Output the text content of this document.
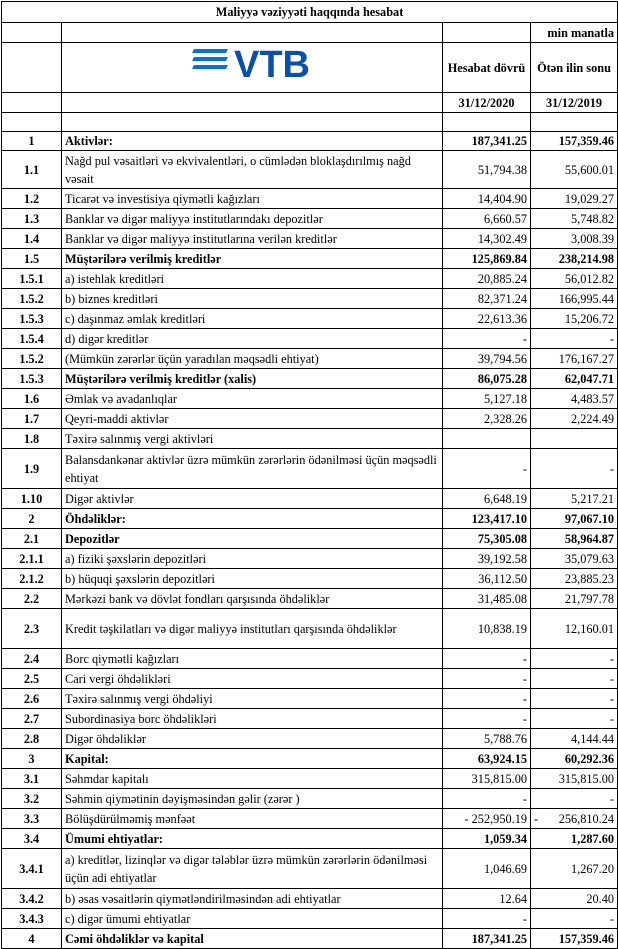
Maliyyə vəziyyəti haqqında hesabat			
			min manatla

VTB	Hesabat dövrü	Ötən ilin sonu
		31/12/2020	31/12/2019

1	Aktivlər:	187,341.25	157,359.46
1.1	Nağd pul vəsaitləri və ekvivalentləri, o cümlədən bloklaşdırılmış nağd vəsait	51,794.38	55,600.01
1.2	Ticarət və investisiya qiymətli kağızları	14,404.90	19,029.27
1.3	Banklar və digər maliyyə institutlarındakı depozitlər	6,660.57	5,748.82
1.4	Banklar və digər maliyyə institutlarına verilən kreditlər	14,302.49	3,008.39
1.5	Müştərilərə verilmiş kreditlər	125,869.84	238,214.98
1.5.1	a) istehlak kreditləri	20,885.24	56,012.82
1.5.2	b) biznes kreditləri	82,371.24	166,995.44
1.5.3	c) daşınmaz əmlak kreditləri	22,613.36	15,206.72
1.5.4	d) digər kreditlər	-	-
1.5.2	(Mümkün zərərlər üçün yaradılan məqsədli ehtiyat)	39,794.56	176,167.27
1.5.3	Müştərilərə verilmiş kreditlər (xalis)	86,075.28	62,047.71
1.6	Əmlak və avadanlıqlar	5,127.18	4,483.57
1.7	Qeyri-maddi aktivlər	2,328.26	2,224.49
1.8	Təxirə salınmış vergi aktivləri		
1.9	Balansdankənar aktivlər üzrə mümkün zərərlərin ödənilməsi üçün məqsədli ehtiyat	-	-
1.10	Digər aktivlər	6,648.19	5,217.21
2	Öhdəliklər:	123,417.10	97,067.10
2.1	Depozitlər	75,305.08	58,964.87
2.1.1	a) fiziki şəxslərin depozitləri	39,192.58	35,079.63
2.1.2	b) hüquqi şəxslərin depozitləri	36,112.50	23,885.23
2.2	Mərkəzi bank və dövlət fondları qarşısında öhdəliklər	31,485.08	21,797.78
2.3	Kredit təşkilatları və digər maliyyə institutları qarşısında öhdəliklər	10,838.19	12,160.01
2.4	Borc qiymətli kağızları	-	-
2.5	Cari vergi öhdəlikləri	-	-
2.6	Təxirə salınmış vergi öhdəliyi	-	-
2.7	Subordinasiya borc öhdəlikləri	-	-
2.8	Digər öhdəliklər	5,788.76	4,144.44
3	Kapital:	63,924.15	60,292.36
3.1	Səhmdar kapitalı	315,815.00	315,815.00
3.2	Səhmin qiymətinin dəyişməsindən gəlir (zərər )	-	-
3.3	Bölüşdürülməmiş mənfəət	- 252,950.19	- 256,810.24

3.4	Ümumi ehtiyatlar:	1,059.34	1,287.60
3.4.1	a) kreditlər, lizinqlər və digər tələblər üzrə mümkün zərərlərin ödənilməsi üçün adi ehtiyatlar	1,046.69	1,267.20
3.4.2	b) əsas vəsaitlərin qiymətləndirilməsindən adi ehtiyatlar	12.64	20.40
3.4.3	c) digər ümumi ehtiyatlar	-	-
4	Cəmi öhdəliklər və kapital	187,341.25	157,359.46
